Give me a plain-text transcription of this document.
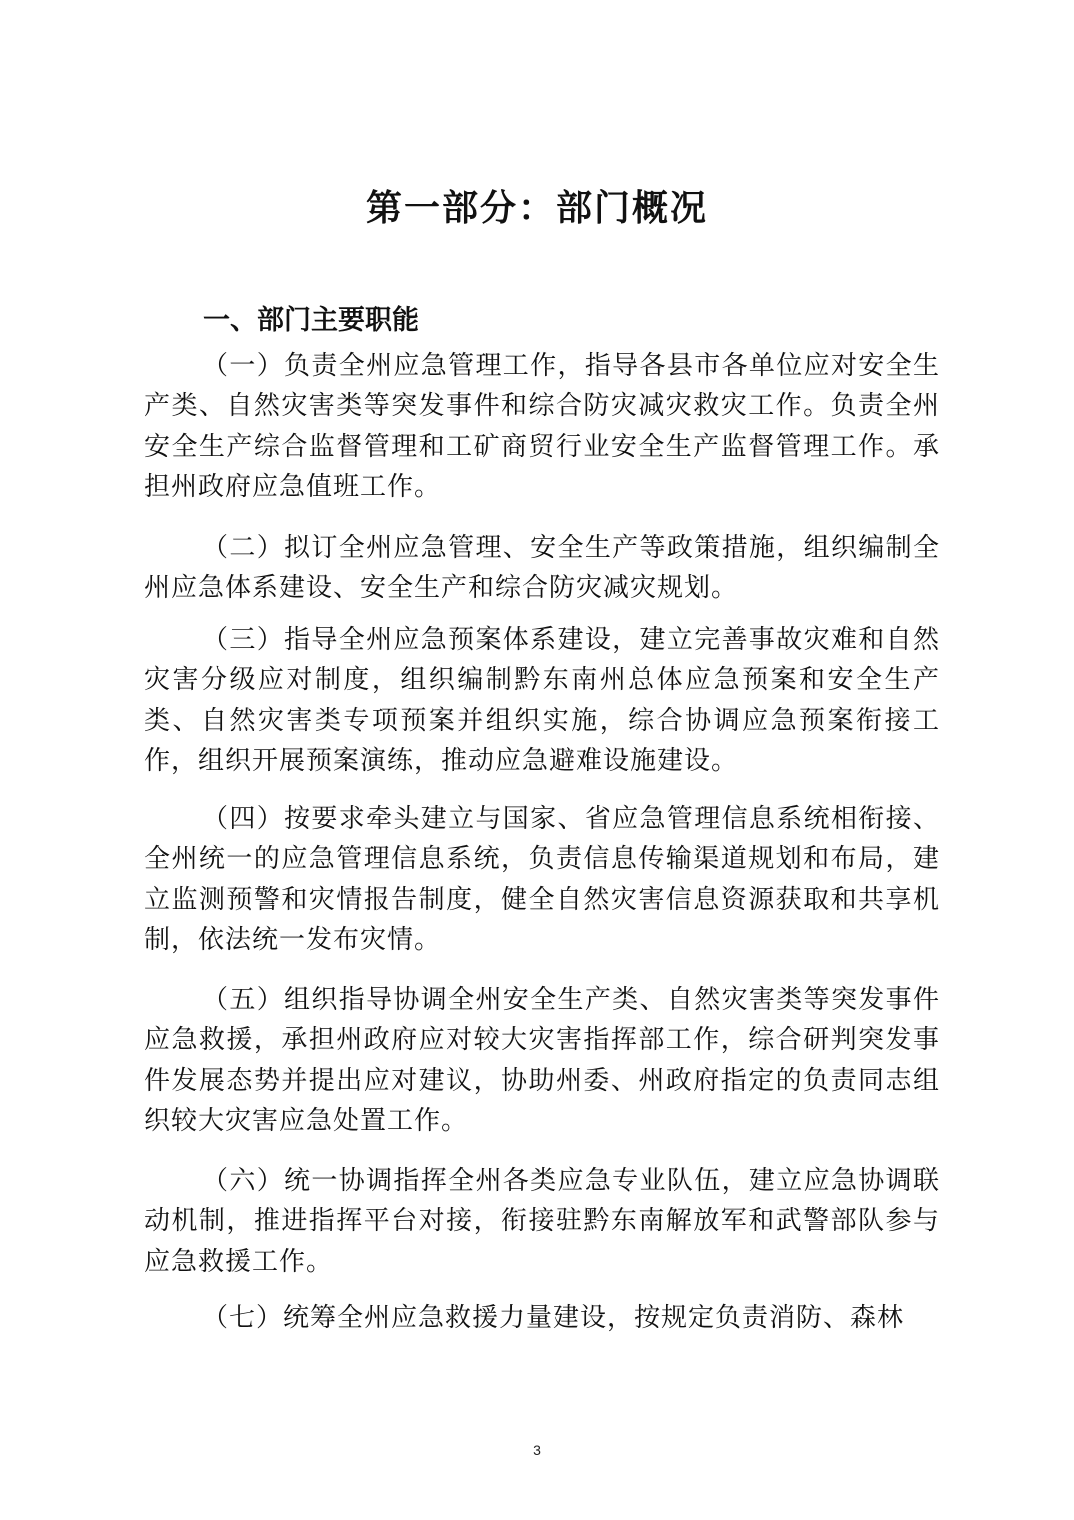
第一部分：部门概况
一、部门主要职能

（一）负责全州应急管理工作，指导各县市各单位应对安全生产类、自然灾害类等突发事件和综合防灾减灾救灾工作。负责全州安全生产综合监督管理和工矿商贸行业安全生产监督管理工作。承担州政府应急值班工作。

（二）拟订全州应急管理、安全生产等政策措施，组织编制全州应急体系建设、安全生产和综合防灾减灾规划。

（三）指导全州应急预案体系建设，建立完善事故灾难和自然灾害分级应对制度，组织编制黔东南州总体应急预案和安全生产类、自然灾害类专项预案并组织实施，综合协调应急预案衔接工作，组织开展预案演练，推动应急避难设施建设。

（四）按要求牵头建立与国家、省应急管理信息系统相衔接、全州统一的应急管理信息系统，负责信息传输渠道规划和布局，建立监测预警和灾情报告制度，健全自然灾害信息资源获取和共享机制，依法统一发布灾情。

（五）组织指导协调全州安全生产类、自然灾害类等突发事件应急救援，承担州政府应对较大灾害指挥部工作，综合研判突发事件发展态势并提出应对建议，协助州委、州政府指定的负责同志组织较大灾害应急处置工作。

（六）统一协调指挥全州各类应急专业队伍，建立应急协调联动机制，推进指挥平台对接，衔接驻黔东南解放军和武警部队参与应急救援工作。

（七）统筹全州应急救援力量建设，按规定负责消防、森林

3
